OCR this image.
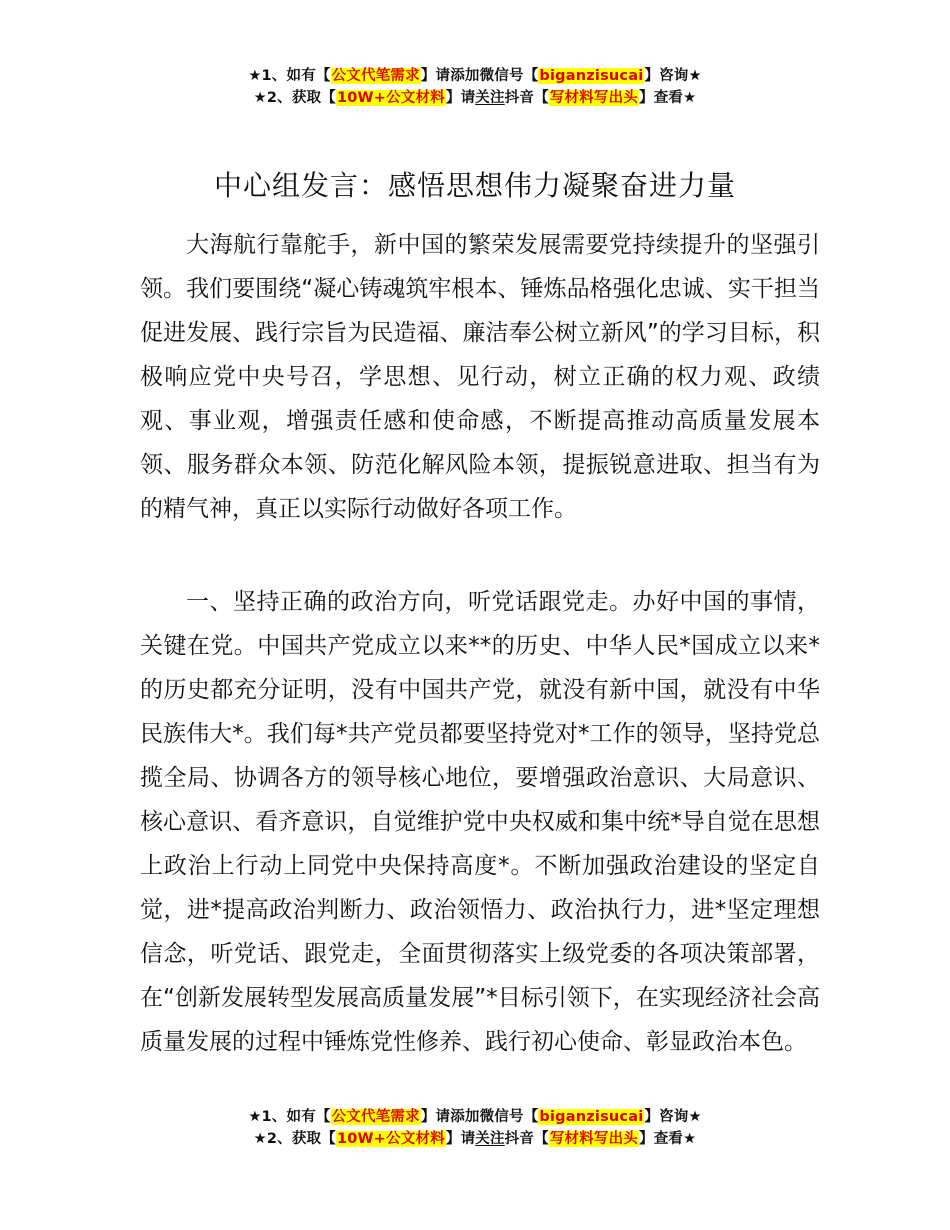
★1、如有【公文代笔需求】请添加微信号【biganzisucai】咨询★
★2、获取【10W+公文材料】请关注抖音【写材料写出头】查看★
中心组发言：感悟思想伟力凝聚奋进力量

大海航行靠舵手，新中国的繁荣发展需要党持续提升的坚强引领。我们要围绕“凝心铸魂筑牢根本、锤炼品格强化忠诚、实干担当促进发展、践行宗旨为民造福、廉洁奉公树立新风”的学习目标，积极响应党中央号召，学思想、见行动，树立正确的权力观、政绩观、事业观，增强责任感和使命感，不断提高推动高质量发展本领、服务群众本领、防范化解风险本领，提振锐意进取、担当有为的精气神，真正以实际行动做好各项工作。

一、坚持正确的政治方向，听党话跟党走。办好中国的事情，关键在党。中国共产党成立以来**的历史、中华人民*国成立以来*的历史都充分证明，没有中国共产党，就没有新中国，就没有中华民族伟大*。我们每*共产党员都要坚持党对*工作的领导，坚持党总揽全局、协调各方的领导核心地位，要增强政治意识、大局意识、核心意识、看齐意识，自觉维护党中央权威和集中统*导自觉在思想上政治上行动上同党中央保持高度*。不断加强政治建设的坚定自觉，进*提高政治判断力、政治领悟力、政治执行力，进*坚定理想信念，听党话、跟党走，全面贯彻落实上级党委的各项决策部署，在“创新发展转型发展高质量发展”*目标引领下，在实现经济社会高质量发展的过程中锤炼党性修养、践行初心使命、彰显政治本色。

★1、如有【公文代笔需求】请添加微信号【biganzisucai】咨询★
★2、获取【10W+公文材料】请关注抖音【写材料写出头】查看★
